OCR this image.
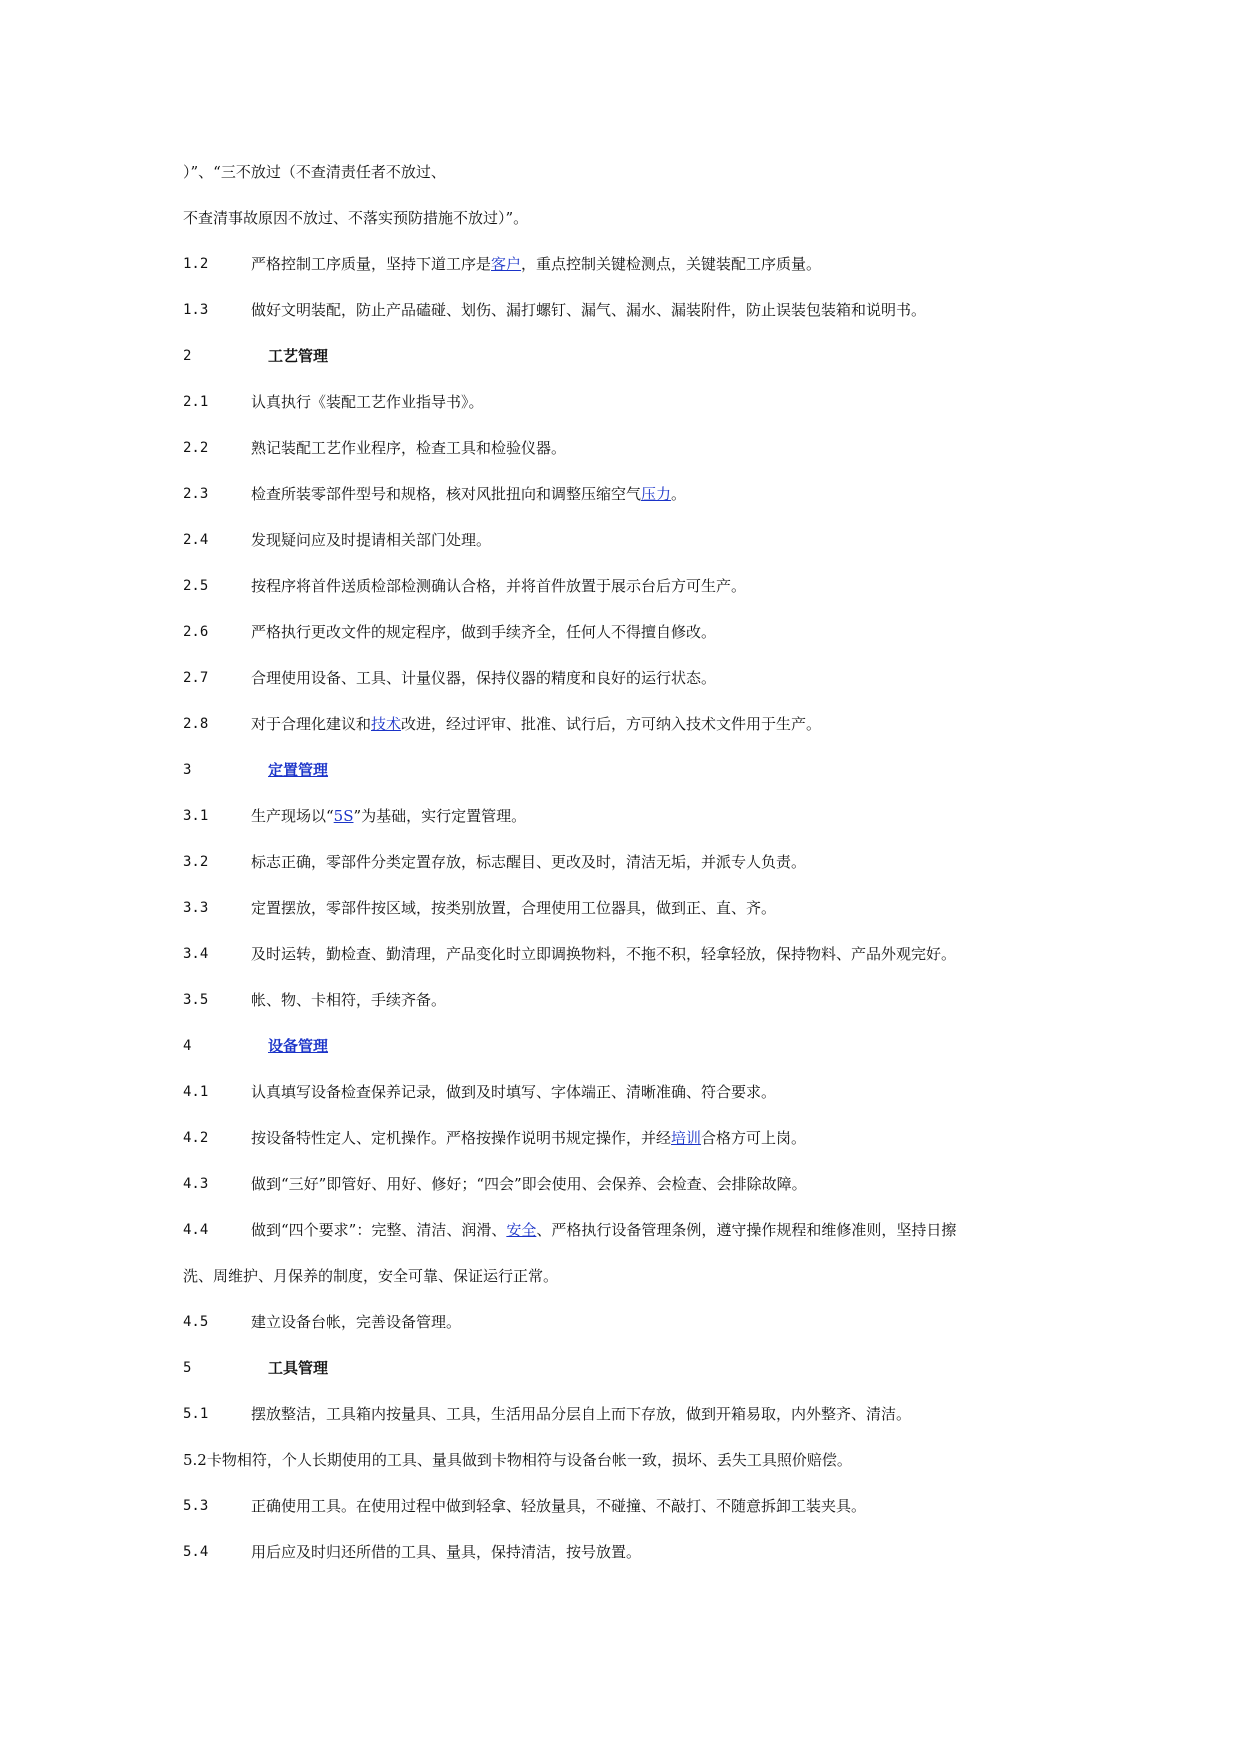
）”、“三不放过（不查清责任者不放过、
不查清事故原因不放过、不落实预防措施不放过）”。
1.2	严格控制工序质量，坚持下道工序是客户，重点控制关键检测点，关键装配工序质量。
1.3	做好文明装配，防止产品磕碰、划伤、漏打螺钉、漏气、漏水、漏装附件，防止误装包装箱和说明书。
2	工艺管理
2.1	认真执行《装配工艺作业指导书》。
2.2	熟记装配工艺作业程序，检查工具和检验仪器。
2.3	检查所装零部件型号和规格，核对风批扭向和调整压缩空气压力。
2.4	发现疑问应及时提请相关部门处理。
2.5	按程序将首件送质检部检测确认合格，并将首件放置于展示台后方可生产。
2.6	严格执行更改文件的规定程序，做到手续齐全，任何人不得擅自修改。
2.7	合理使用设备、工具、计量仪器，保持仪器的精度和良好的运行状态。
2.8	对于合理化建议和技术改进，经过评审、批准、试行后，方可纳入技术文件用于生产。
3	定置管理
3.1	生产现场以“5S”为基础，实行定置管理。
3.2	标志正确，零部件分类定置存放，标志醒目、更改及时，清洁无垢，并派专人负责。
3.3	定置摆放，零部件按区域，按类别放置，合理使用工位器具，做到正、直、齐。
3.4	及时运转，勤检查、勤清理，产品变化时立即调换物料，不拖不积，轻拿轻放，保持物料、产品外观完好。
3.5	帐、物、卡相符，手续齐备。
4	设备管理
4.1	认真填写设备检查保养记录，做到及时填写、字体端正、清晰准确、符合要求。
4.2	按设备特性定人、定机操作。严格按操作说明书规定操作，并经培训合格方可上岗。
4.3	做到“三好”即管好、用好、修好；“四会”即会使用、会保养、会检查、会排除故障。
4.4	做到“四个要求”：完整、清洁、润滑、安全、严格执行设备管理条例，遵守操作规程和维修准则，坚持日擦
洗、周维护、月保养的制度，安全可靠、保证运行正常。
4.5	建立设备台帐，完善设备管理。
5	工具管理
5.1	摆放整洁，工具箱内按量具、工具，生活用品分层自上而下存放，做到开箱易取，内外整齐、清洁。
5.2卡物相符，个人长期使用的工具、量具做到卡物相符与设备台帐一致，损坏、丢失工具照价赔偿。
5.3	正确使用工具。在使用过程中做到轻拿、轻放量具，不碰撞、不敲打、不随意拆卸工装夹具。
5.4	用后应及时归还所借的工具、量具，保持清洁，按号放置。
